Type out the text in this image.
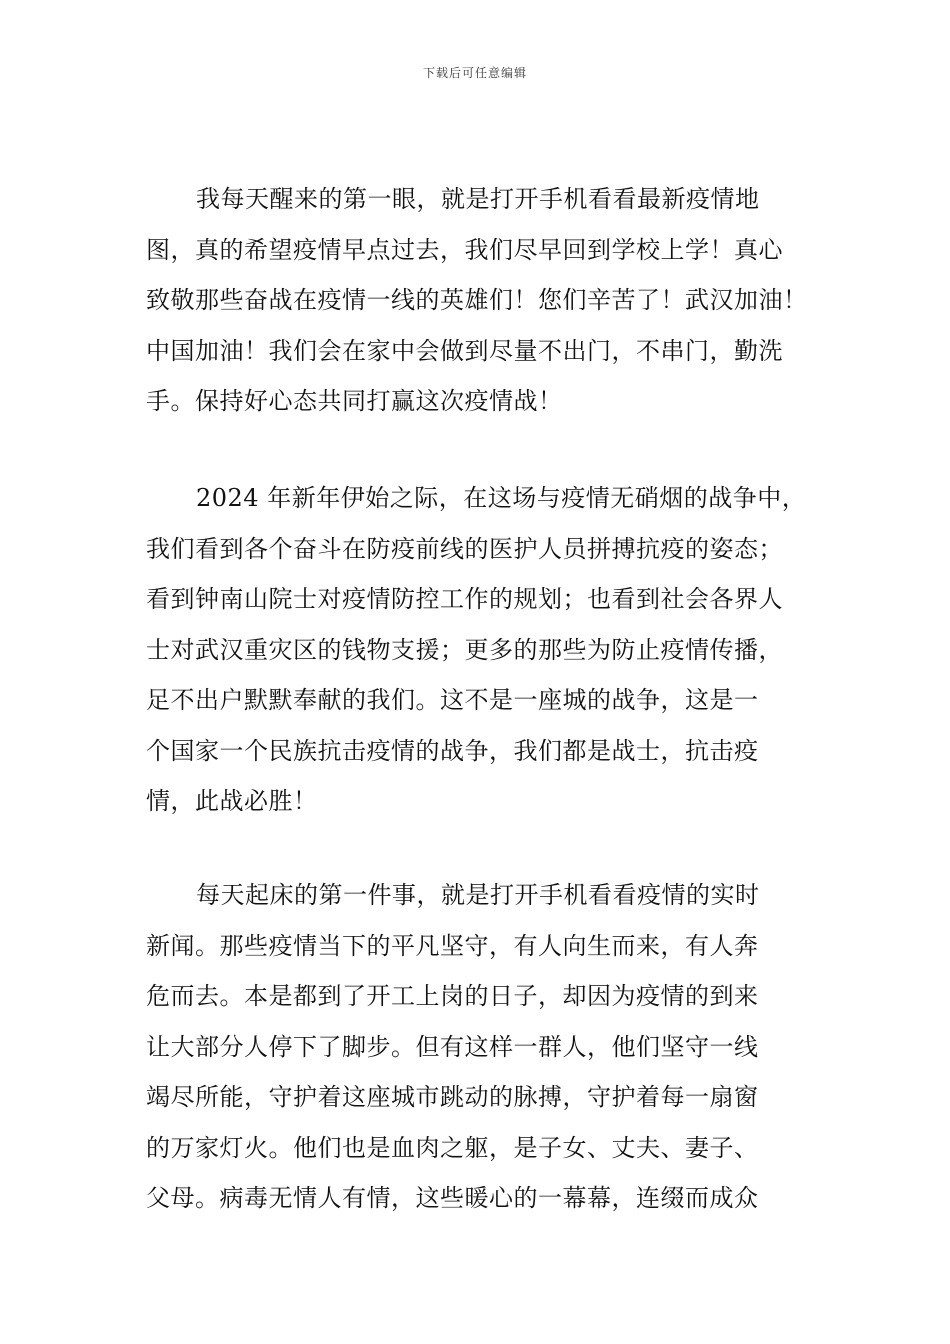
下载后可任意编辑
我每天醒来的第一眼，就是打开手机看看最新疫情地
图，真的希望疫情早点过去，我们尽早回到学校上学！真心
致敬那些奋战在疫情一线的英雄们！您们辛苦了！武汉加油！
中国加油！我们会在家中会做到尽量不出门，不串门，勤洗
手。保持好心态共同打赢这次疫情战！
2024 年新年伊始之际，在这场与疫情无硝烟的战争中，
我们看到各个奋斗在防疫前线的医护人员拼搏抗疫的姿态；
看到钟南山院士对疫情防控工作的规划；也看到社会各界人
士对武汉重灾区的钱物支援；更多的那些为防止疫情传播，
足不出户默默奉献的我们。这不是一座城的战争，这是一
个国家一个民族抗击疫情的战争，我们都是战士，抗击疫
情，此战必胜！
每天起床的第一件事，就是打开手机看看疫情的实时
新闻。那些疫情当下的平凡坚守，有人向生而来，有人奔
危而去。本是都到了开工上岗的日子，却因为疫情的到来
让大部分人停下了脚步。但有这样一群人，他们坚守一线
竭尽所能，守护着这座城市跳动的脉搏，守护着每一扇窗
的万家灯火。他们也是血肉之躯，是子女、丈夫、妻子、
父母。病毒无情人有情，这些暖心的一幕幕，连缀而成众
